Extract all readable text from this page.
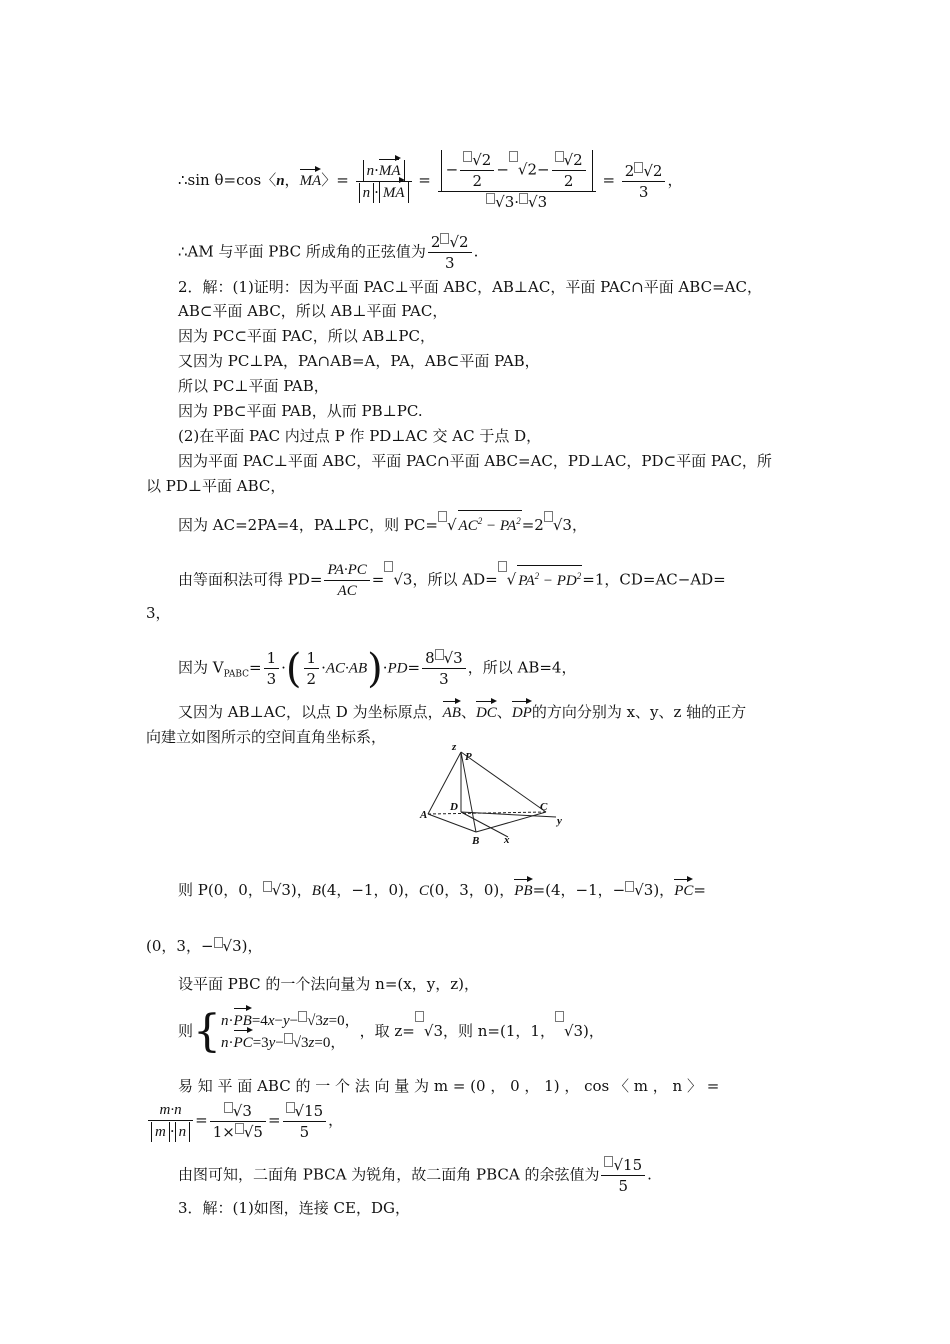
∴sin θ=cos〈n，MA〉= $\frac{n\cdot MA}{n \cdot MA} = \frac{- \frac{√2}{2} - √2- \frac{√2}{2}}{√3\cdot √3} = \frac{2 √2}{3}$ ，
∴AM 与平面 PBC 所成角的正弦值为 $\frac{2 √2}{3}$ .
2．解：(1)证明：因为平面 PAC⊥平面 ABC，AB⊥AC，平面 PAC∩平面 ABC=AC，
AB⊂平面 ABC，所以 AB⊥平面 PAC，
因为 PC⊂平面 PAC，所以 AB⊥PC，
又因为 PC⊥PA，PA∩AB=A，PA，AB⊂平面 PAB，
所以 PC⊥平面 PAB，
因为 PB⊂平面 PAB，从而 PB⊥PC.
(2)在平面 PAC 内过点 P 作 PD⊥AC 交 AC 于点 D，
因为平面 PAC⊥平面 ABC，平面 PAC∩平面 ABC=AC，PD⊥AC，PD⊂平面 PAC，所
以 PD⊥平面 ABC，
因为 AC=2PA=4，PA⊥PC，则 PC= √ $AC^2 - PA^2=2$ √3，
由等面积法可得 $PD= \frac{PA\cdot PC}{AC} = √3$，所以 AD= √ $PA^2 - PD^2=1$，CD=AC−AD=
3，
因为 $V_{PABC}= \frac{1}{3}$ ·( $\frac{1}{2} \cdot AC\cdot AB)\cdot PD= \frac{8 √3}{3}$ ，所以 AB=4，
又因为 AB⊥AC，以点 D 为坐标原点，AB、DC、DP的方向分别为 x、y、z 轴的正方
向建立如图所示的空间直角坐标系，
z
P
D	C
A
B x
y
则 P(0，0， √3)，B(4，−1，0)，C(0，3，0)，PB=(4，−1，− √3)，PC=
(0，3，− √3)，
设平面 PBC 的一个法向量为 n=(x，y，z)，
则{ n·PB=4x−y− √3z=0，
n·PC=3y− √3z=0，
，取 z= √3，则 n=(1，1， √3)，
易 知 平 面 ABC 的 一 个 法 向 量 为 m = (0 ， 0 ， 1) ， cos 〈 m ， n 〉 =
$\frac{m\cdot n}{m \cdot n} = \frac{√3}{1\times √5} = \frac{√15}{5}$ ，
由图可知，二面角 PBCA 为锐角，故二面角 PBCA 的余弦值为 $\frac{√15}{5}$ .
3．解：(1)如图，连接 CE，DG，
